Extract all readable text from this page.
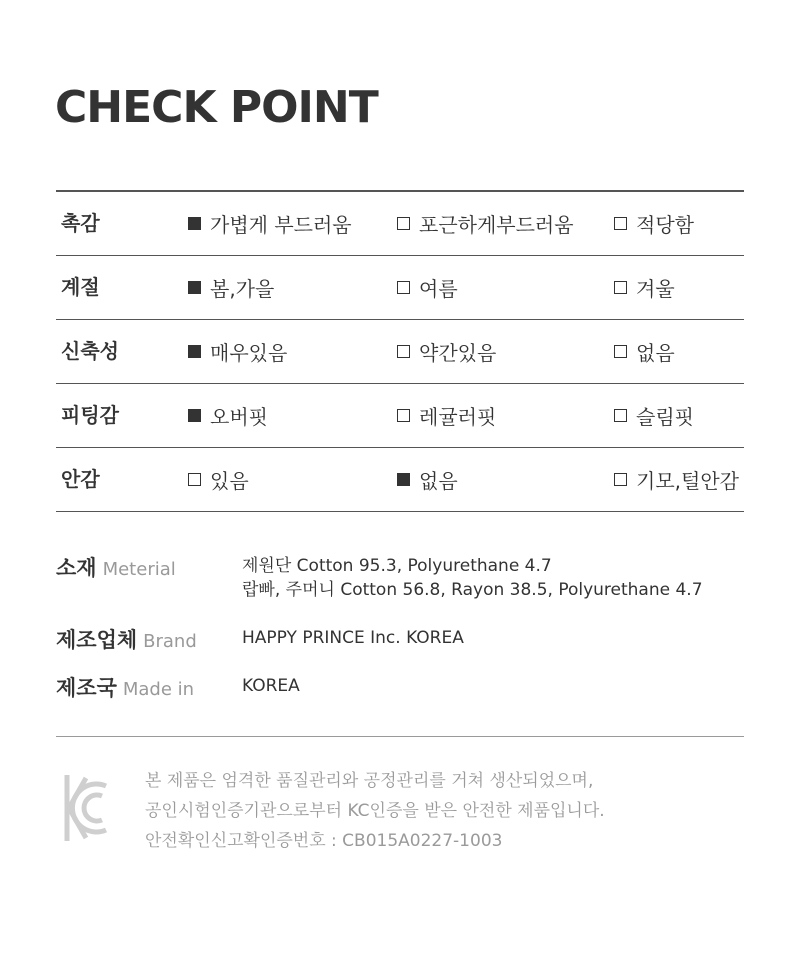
CHECK POINT
촉감	가볍게 부드러움	포근하게부드러움	적당함
계절	봄,가을	여름	겨울
신축성	매우있음	약간있음	없음
피팅감	오버핏	레귤러핏	슬림핏
안감	있음	없음	기모,털안감
소재 Meterial	제원단 Cotton 95.3, Polyurethane 4.7
랍빠, 주머니 Cotton 56.8, Rayon 38.5, Polyurethane 4.7
제조업체 Brand	HAPPY PRINCE Inc. KOREA
제조국 Made in	KOREA
본 제품은 엄격한 품질관리와 공정관리를 거쳐 생산되었으며,
공인시험인증기관으로부터 KC인증을 받은 안전한 제품입니다.
안전확인신고확인증번호 : CB015A0227-1003
